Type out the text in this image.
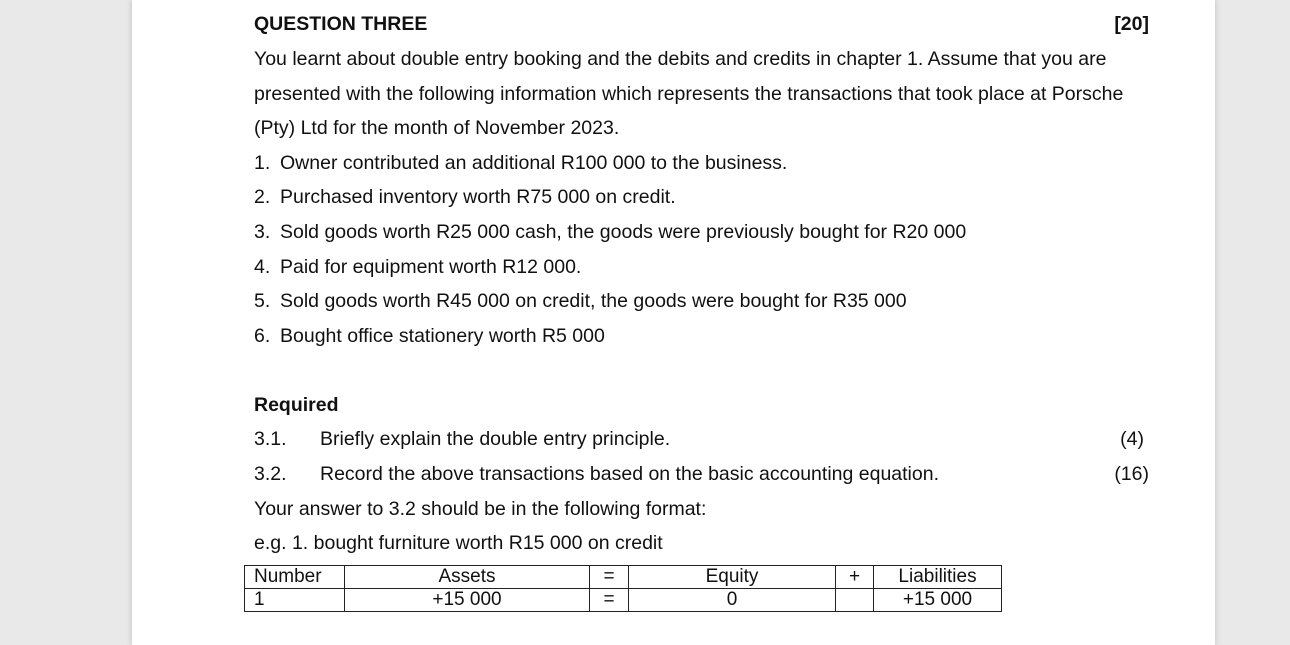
QUESTION THREE	[20]
You learnt about double entry booking and the debits and credits in chapter 1. Assume that you are
presented with the following information which represents the transactions that took place at Porsche
(Pty) Ltd for the month of November 2023.
1. Owner contributed an additional R100 000 to the business.
2. Purchased inventory worth R75 000 on credit.
3. Sold goods worth R25 000 cash, the goods were previously bought for R20 000
4. Paid for equipment worth R12 000.
5. Sold goods worth R45 000 on credit, the goods were bought for R35 000
6. Bought office stationery worth R5 000
Required
3.1. Briefly explain the double entry principle.	(4)
3.2. Record the above transactions based on the basic accounting equation.	(16)
Your answer to 3.2 should be in the following format:
e.g. 1. bought furniture worth R15 000 on credit
Number	Assets	=	Equity	+	Liabilities
1	+15 000	=	0		+15 000
